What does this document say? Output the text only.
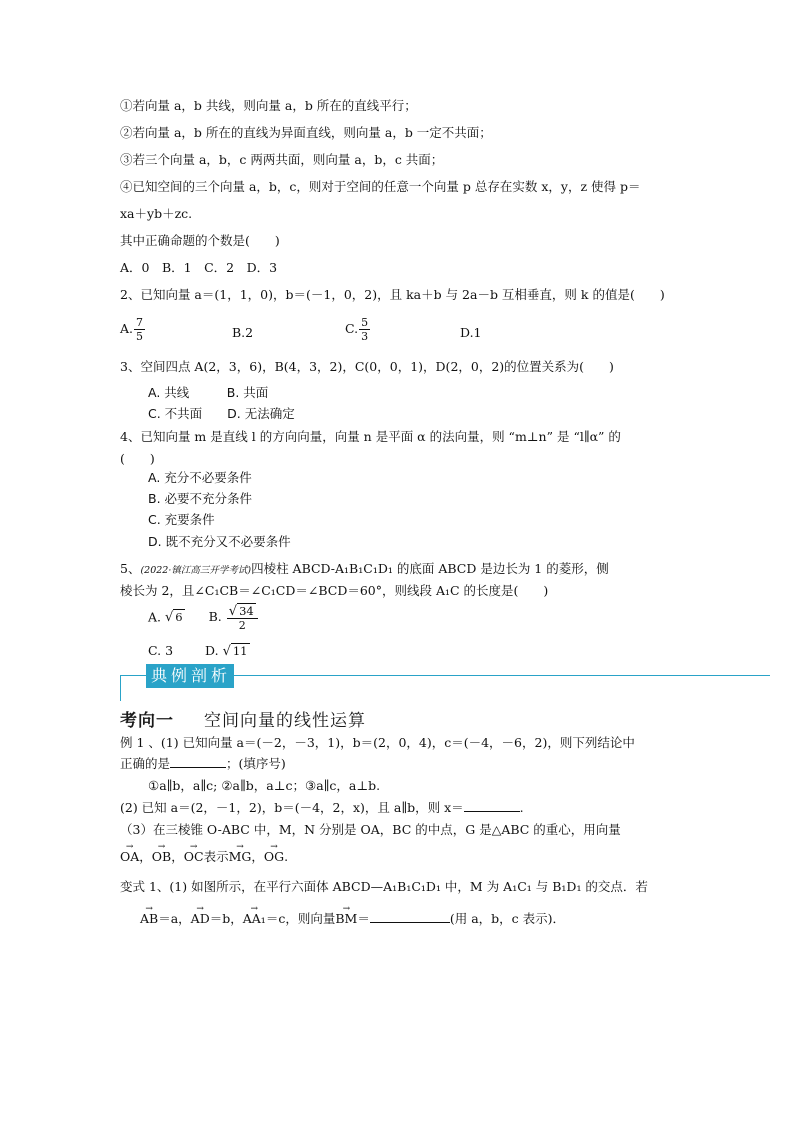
①若向量 a，b 共线，则向量 a，b 所在的直线平行；
②若向量 a，b 所在的直线为异面直线，则向量 a，b 一定不共面；
③若三个向量 a，b，c 两两共面，则向量 a，b，c 共面；
④已知空间的三个向量 a，b，c，则对于空间的任意一个向量 p 总存在实数 x，y，z 使得 p＝
xa＋yb＋zc.
其中正确命题的个数是(　　)
A．0　B．1　C．2　D．3
2、已知向量 a＝(1，1，0)，b＝(－1，0，2)，且 ka＋b 与 2a－b 互相垂直，则 k 的值是(　　)
A. $\frac{7}{5}$	B.2	C. $\frac{5}{3}$	D.1
3、空间四点 A(2，3，6)，B(4，3，2)，C(0，0，1)，D(2，0，2)的位置关系为(　　)
A. 共线　　　B. 共面
C. 不共面　　D. 无法确定
4、已知向量 m 是直线 l 的方向向量，向量 n 是平面 α 的法向量，则 “m⊥n” 是 “l∥α” 的
(　　)
A. 充分不必要条件
B. 必要不充分条件
C. 充要条件
D. 既不充分又不必要条件
5、(2022·镇江高三开学考试)四棱柱 ABCD-A₁B₁C₁D₁ 的底面 ABCD 是边长为 1 的菱形，侧
棱长为 2，且∠C₁CB＝∠C₁CD＝∠BCD＝60°，则线段 A₁C 的长度是(　　)
A. √ 6 B. $\frac{√ 34}{2}$
C. 3	D. √ 11
典 例 剖 析
考向一 空间向量的线性运算
例 1 、(1) 已知向量 a＝(－2，－3，1)，b＝(2，0，4)，c＝(－4，－6，2)，则下列结论中
正确的是	；(填序号)
①a∥b，a∥c; ②a∥b，a⊥c；③a∥c，a⊥b.
(2) 已知 a＝(2，－1，2)，b＝(－4，2，x)，且 a∥b，则 x＝	.
（3）在三棱锥 O-ABC 中，M，N 分别是 OA，BC 的中点，G 是△ABC 的重心，用向量
→ OA，→ OB，→ OC表示→ MG，→ OG.
变式 1、(1) 如图所示，在平行六面体 ABCD—A₁B₁C₁D₁ 中，M 为 A₁C₁ 与 B₁D₁ 的交点．若
→ AB＝a，→ AD＝b，→ AA₁＝c，则向量→ BM＝	(用 a，b，c 表示)．
